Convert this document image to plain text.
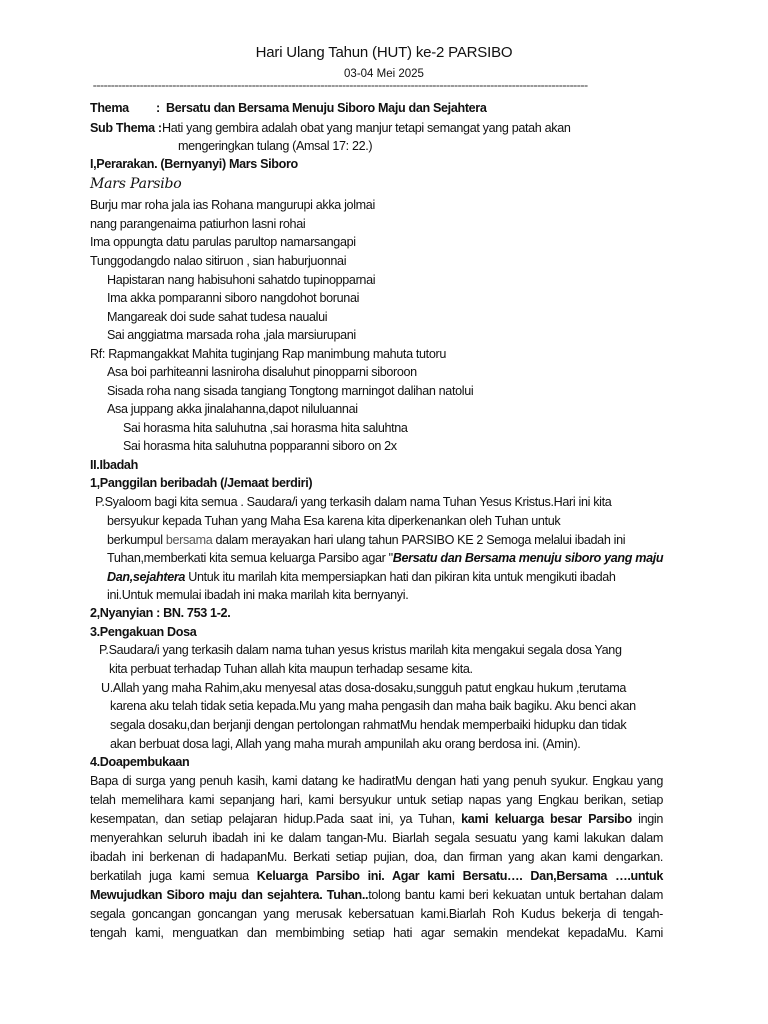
Hari Ulang Tahun (HUT) ke-2 PARSIBO
03-04 Mei 2025
=========================================================================================================================================
Thema : Bersatu dan Bersama Menuju Siboro Maju dan Sejahtera
Sub Thema : Hati yang gembira adalah obat yang manjur tetapi semangat yang patah akan
mengeringkan tulang (Amsal 17: 22.)
I,Perarakan. (Bernyanyi) Mars Siboro
Mars Parsibo
Burju mar roha jala ias Rohana mangurupi akka jolmai
nang parangenaima patiurhon lasni rohai
Ima oppungta datu parulas parultop namarsangapi
Tunggodangdo nalao sitiruon , sian haburjuonnai
Hapistaran nang habisuhoni sahatdo tupinopparnai
Ima akka pomparanni siboro nangdohot borunai
Mangareak doi sude sahat tudesa naualui
Sai anggiatma marsada roha ,jala marsiurupani
Rf: Rapmangakkat Mahita tuginjang Rap manimbung mahuta tutoru
Asa boi parhiteanni lasniroha disaluhut pinopparni siboroon
Sisada roha nang sisada tangiang Tongtong marningot dalihan natolui
Asa juppang akka jinalahanna,dapot niluluannai
Sai horasma hita saluhutna ,sai horasma hita saluhtna
Sai horasma hita saluhutna popparanni siboro on 2x
II.Ibadah
1,Panggilan beribadah (/Jemaat berdiri)
P.Syaloom bagi kita semua . Saudara/i yang terkasih dalam nama Tuhan Yesus Kristus.Hari ini kita
bersyukur kepada Tuhan yang Maha Esa karena kita diperkenankan oleh Tuhan untuk
berkumpul bersama dalam merayakan hari ulang tahun PARSIBO KE 2 Semoga melalui ibadah ini
Tuhan,memberkati kita semua keluarga Parsibo agar "Bersatu dan Bersama menuju siboro yang maju
Dan,sejahtera Untuk itu marilah kita mempersiapkan hati dan pikiran kita untuk mengikuti ibadah
ini.Untuk memulai ibadah ini maka marilah kita bernyanyi.
2,Nyanyian : BN. 753 1-2.
3.Pengakuan Dosa
P.Saudara/i yang terkasih dalam nama tuhan yesus kristus marilah kita mengakui segala dosa Yang
kita perbuat terhadap Tuhan allah kita maupun terhadap sesame kita.
U.Allah yang maha Rahim,aku menyesal atas dosa-dosaku,sungguh patut engkau hukum ,terutama
karena aku telah tidak setia kepada.Mu yang maha pengasih dan maha baik bagiku. Aku benci akan
segala dosaku,dan berjanji dengan pertolongan rahmatMu hendak memperbaiki hidupku dan tidak
akan berbuat dosa lagi, Allah yang maha murah ampunilah aku orang berdosa ini. (Amin).
4.Doapembukaan
Bapa di surga yang penuh kasih, kami datang ke hadiratMu dengan hati yang penuh syukur. Engkau yang
telah memelihara kami sepanjang hari, kami bersyukur untuk setiap napas yang Engkau berikan, setiap
kesempatan, dan setiap pelajaran hidup.Pada saat ini, ya Tuhan, kami keluarga besar Parsibo ingin
menyerahkan seluruh ibadah ini ke dalam tangan-Mu. Biarlah segala sesuatu yang kami lakukan dalam
ibadah ini berkenan di hadapanMu. Berkati setiap pujian, doa, dan firman yang akan kami dengarkan.
berkatilah juga kami semua Keluarga Parsibo ini. Agar kami Bersatu…. Dan,Bersama ….untuk
Mewujudkan Siboro maju dan sejahtera. Tuhan..tolong bantu kami beri kekuatan untuk bertahan dalam
segala goncangan goncangan yang merusak kebersatuan kami.Biarlah Roh Kudus bekerja di tengah-
tengah kami, menguatkan dan membimbing setiap hati agar semakin mendekat kepadaMu. Kami
